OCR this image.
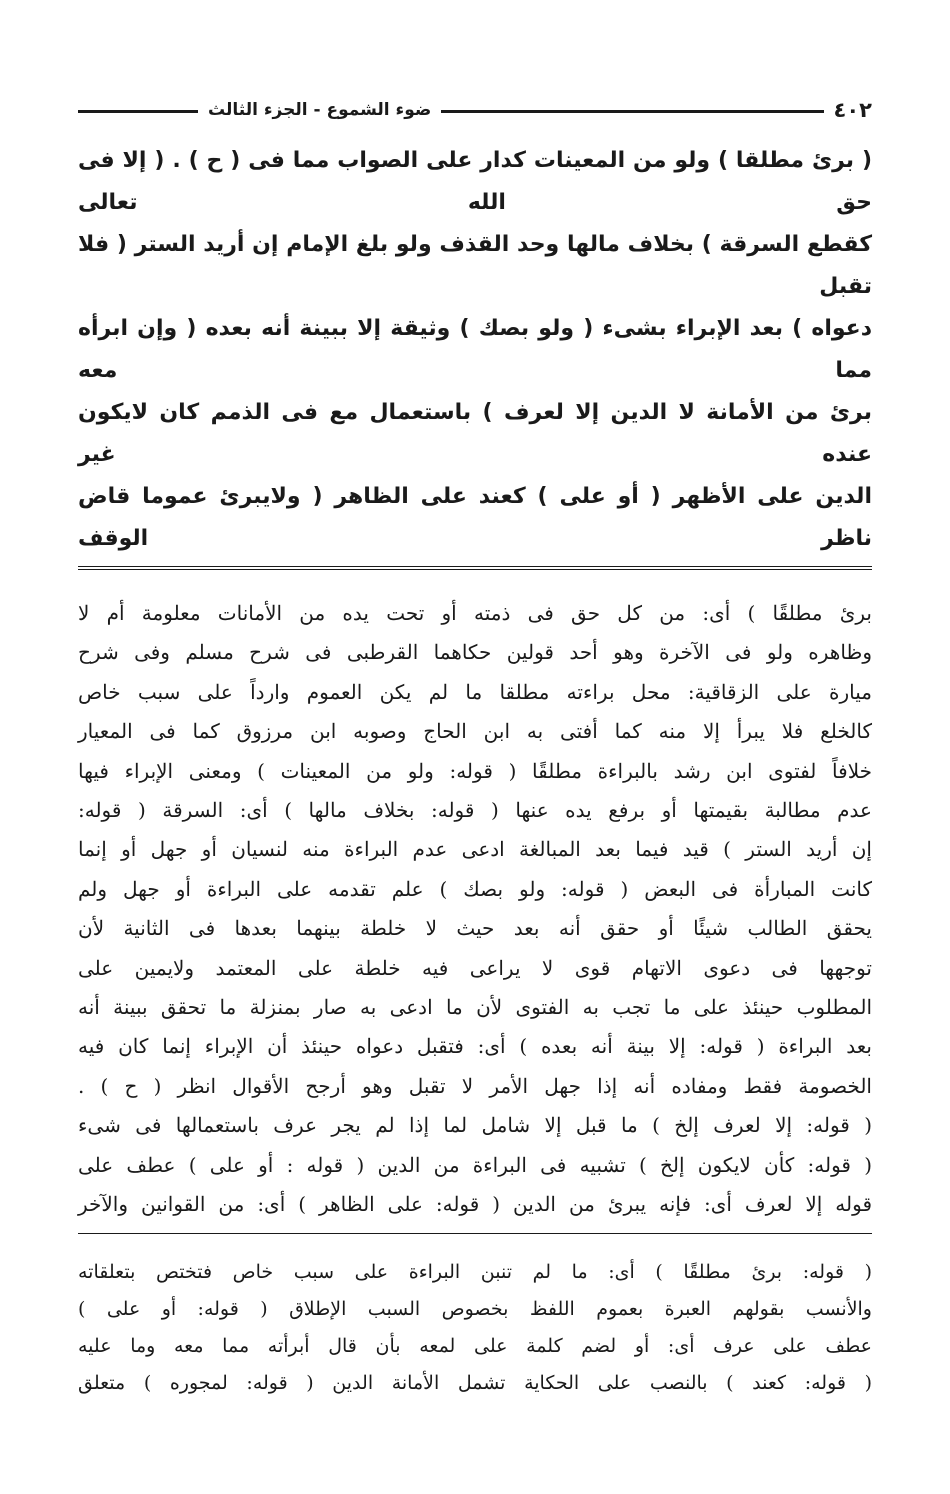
٤٠٢
ضوء الشموع - الجزء الثالث

( برئ مطلقا ) ولو من المعينات كدار على الصواب مما فى ( ح ) . ( إلا فى حق الله تعالى

كقطع السرقة ) بخلاف مالها وحد القذف ولو بلغ الإمام إن أريد الستر ( فلا تقبل

دعواه ) بعد الإبراء بشىء ( ولو بصك ) وثيقة إلا ببينة أنه بعده ( وإن ابرأه مما معه

برئ من الأمانة لا الدين إلا لعرف ) باستعمال مع فى الذمم كان لايكون عنده غير

الدين على الأظهر ( أو على ) كعند على الظاهر ( ولايبرئ عموما قاض ناظر الوقف

برئ مطلقًا ) أى: من كل حق فى ذمته أو تحت يده من الأمانات معلومة أم لا

وظاهره ولو فى الآخرة وهو أحد قولين حكاهما القرطبى فى شرح مسلم وفى شرح

ميارة على الزقاقية: محل براءته مطلقا ما لم يكن العموم وارداً على سبب خاص

كالخلع فلا يبرأ إلا منه كما أفتى به ابن الحاج وصوبه ابن مرزوق كما فى المعيار

خلافاً لفتوى ابن رشد بالبراءة مطلقًا ( قوله: ولو من المعينات ) ومعنى الإبراء فيها

عدم مطالبة بقيمتها أو برفع يده عنها ( قوله: بخلاف مالها ) أى: السرقة ( قوله:

إن أريد الستر ) قيد فيما بعد المبالغة ادعى عدم البراءة منه لنسيان أو جهل أو إنما

كانت المبارأة فى البعض ( قوله: ولو بصك ) علم تقدمه على البراءة أو جهل ولم

يحقق الطالب شيئًا أو حقق أنه بعد حيث لا خلطة بينهما بعدها فى الثانية لأن

توجهها فى دعوى الاتهام قوى لا يراعى فيه خلطة على المعتمد ولايمين على

المطلوب حينئذ على ما تجب به الفتوى لأن ما ادعى به صار بمنزلة ما تحقق ببينة أنه

بعد البراءة ( قوله: إلا بينة أنه بعده ) أى: فتقبل دعواه حينئذ أن الإبراء إنما كان فيه

الخصومة فقط ومفاده أنه إذا جهل الأمر لا تقبل وهو أرجح الأقوال انظر ( ح ) .

( قوله: إلا لعرف إلخ ) ما قبل إلا شامل لما إذا لم يجر عرف باستعمالها فى شىء

( قوله: كأن لايكون إلخ ) تشبيه فى البراءة من الدين ( قوله : أو على ) عطف على

قوله إلا لعرف أى: فإنه يبرئ من الدين ( قوله: على الظاهر ) أى: من القوانين والآخر

( قوله: برئ مطلقًا ) أى: ما لم تنبن البراءة على سبب خاص فتختص بتعلقاته

والأنسب بقولهم العبرة بعموم اللفظ بخصوص السبب الإطلاق ( قوله: أو على )

عطف على عرف أى: أو لضم كلمة على لمعه بأن قال أبرأته مما معه وما عليه

( قوله: كعند ) بالنصب على الحكاية تشمل الأمانة الدين ( قوله: لمجوره ) متعلق
